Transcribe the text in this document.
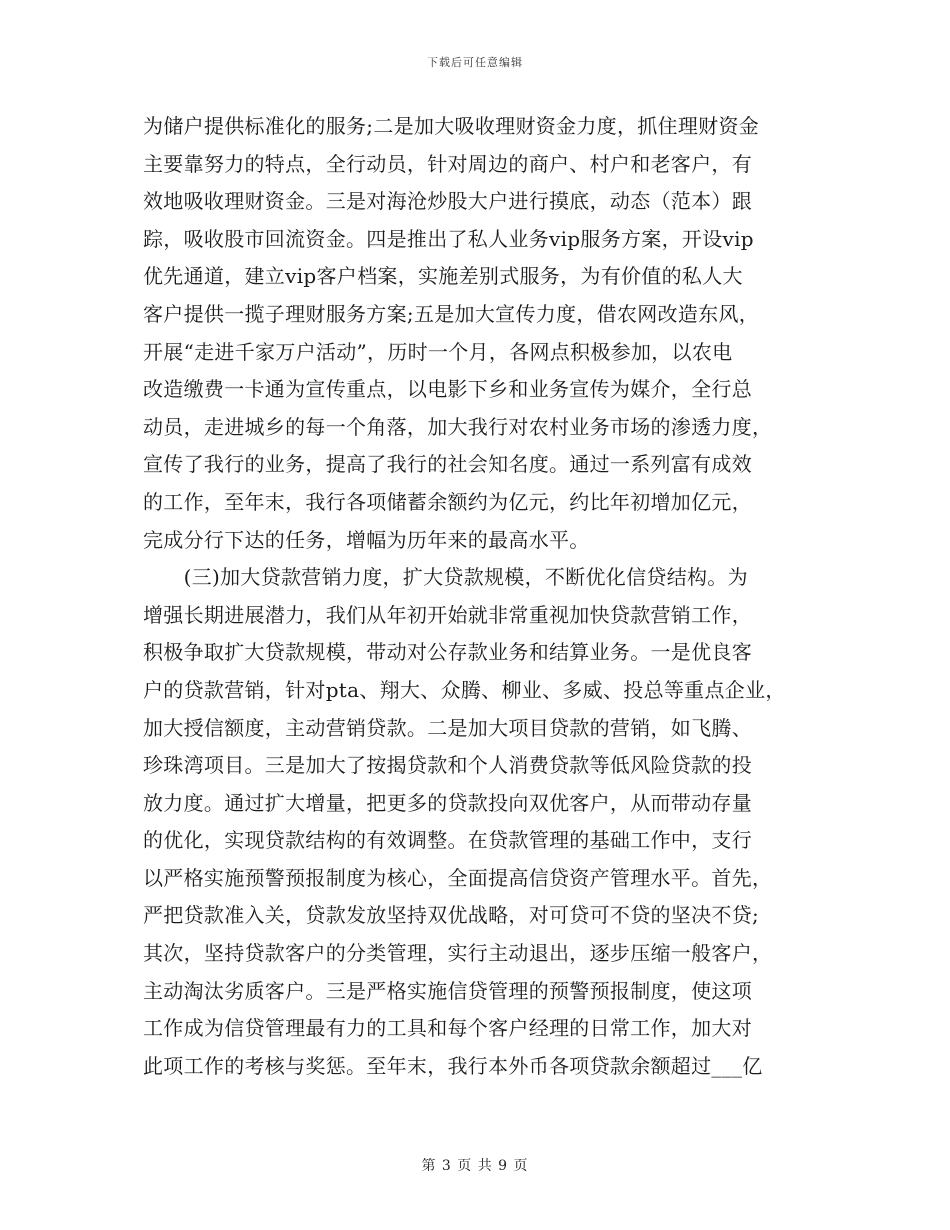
下载后可任意编辑
为储户提供标准化的服务;二是加大吸收理财资金力度，抓住理财资金
主要靠努力的特点，全行动员，针对周边的商户、村户和老客户，有
效地吸收理财资金。三是对海沧炒股大户进行摸底，动态（范本）跟
踪，吸收股市回流资金。四是推出了私人业务vip服务方案，开设vip
优先通道，建立vip客户档案，实施差别式服务，为有价值的私人大
客户提供一揽子理财服务方案;五是加大宣传力度，借农网改造东风，
开展“走进千家万户活动”，历时一个月，各网点积极参加，以农电
改造缴费一卡通为宣传重点，以电影下乡和业务宣传为媒介，全行总
动员，走进城乡的每一个角落，加大我行对农村业务市场的渗透力度，
宣传了我行的业务，提高了我行的社会知名度。通过一系列富有成效
的工作，至年末，我行各项储蓄余额约为亿元，约比年初增加亿元，
完成分行下达的任务，增幅为历年来的最高水平。
　　(三)加大贷款营销力度，扩大贷款规模，不断优化信贷结构。为
增强长期进展潜力，我们从年初开始就非常重视加快贷款营销工作，
积极争取扩大贷款规模，带动对公存款业务和结算业务。一是优良客
户的贷款营销，针对pta、翔大、众腾、柳业、多威、投总等重点企业，
加大授信额度，主动营销贷款。二是加大项目贷款的营销，如飞腾、
珍珠湾项目。三是加大了按揭贷款和个人消费贷款等低风险贷款的投
放力度。通过扩大增量，把更多的贷款投向双优客户，从而带动存量
的优化，实现贷款结构的有效调整。在贷款管理的基础工作中，支行
以严格实施预警预报制度为核心，全面提高信贷资产管理水平。首先，
严把贷款准入关，贷款发放坚持双优战略，对可贷可不贷的坚决不贷;
其次，坚持贷款客户的分类管理，实行主动退出，逐步压缩一般客户，
主动淘汰劣质客户。三是严格实施信贷管理的预警预报制度，使这项
工作成为信贷管理最有力的工具和每个客户经理的日常工作，加大对
此项工作的考核与奖惩。至年末，我行本外币各项贷款余额超过___亿
第 3 页 共 9 页
